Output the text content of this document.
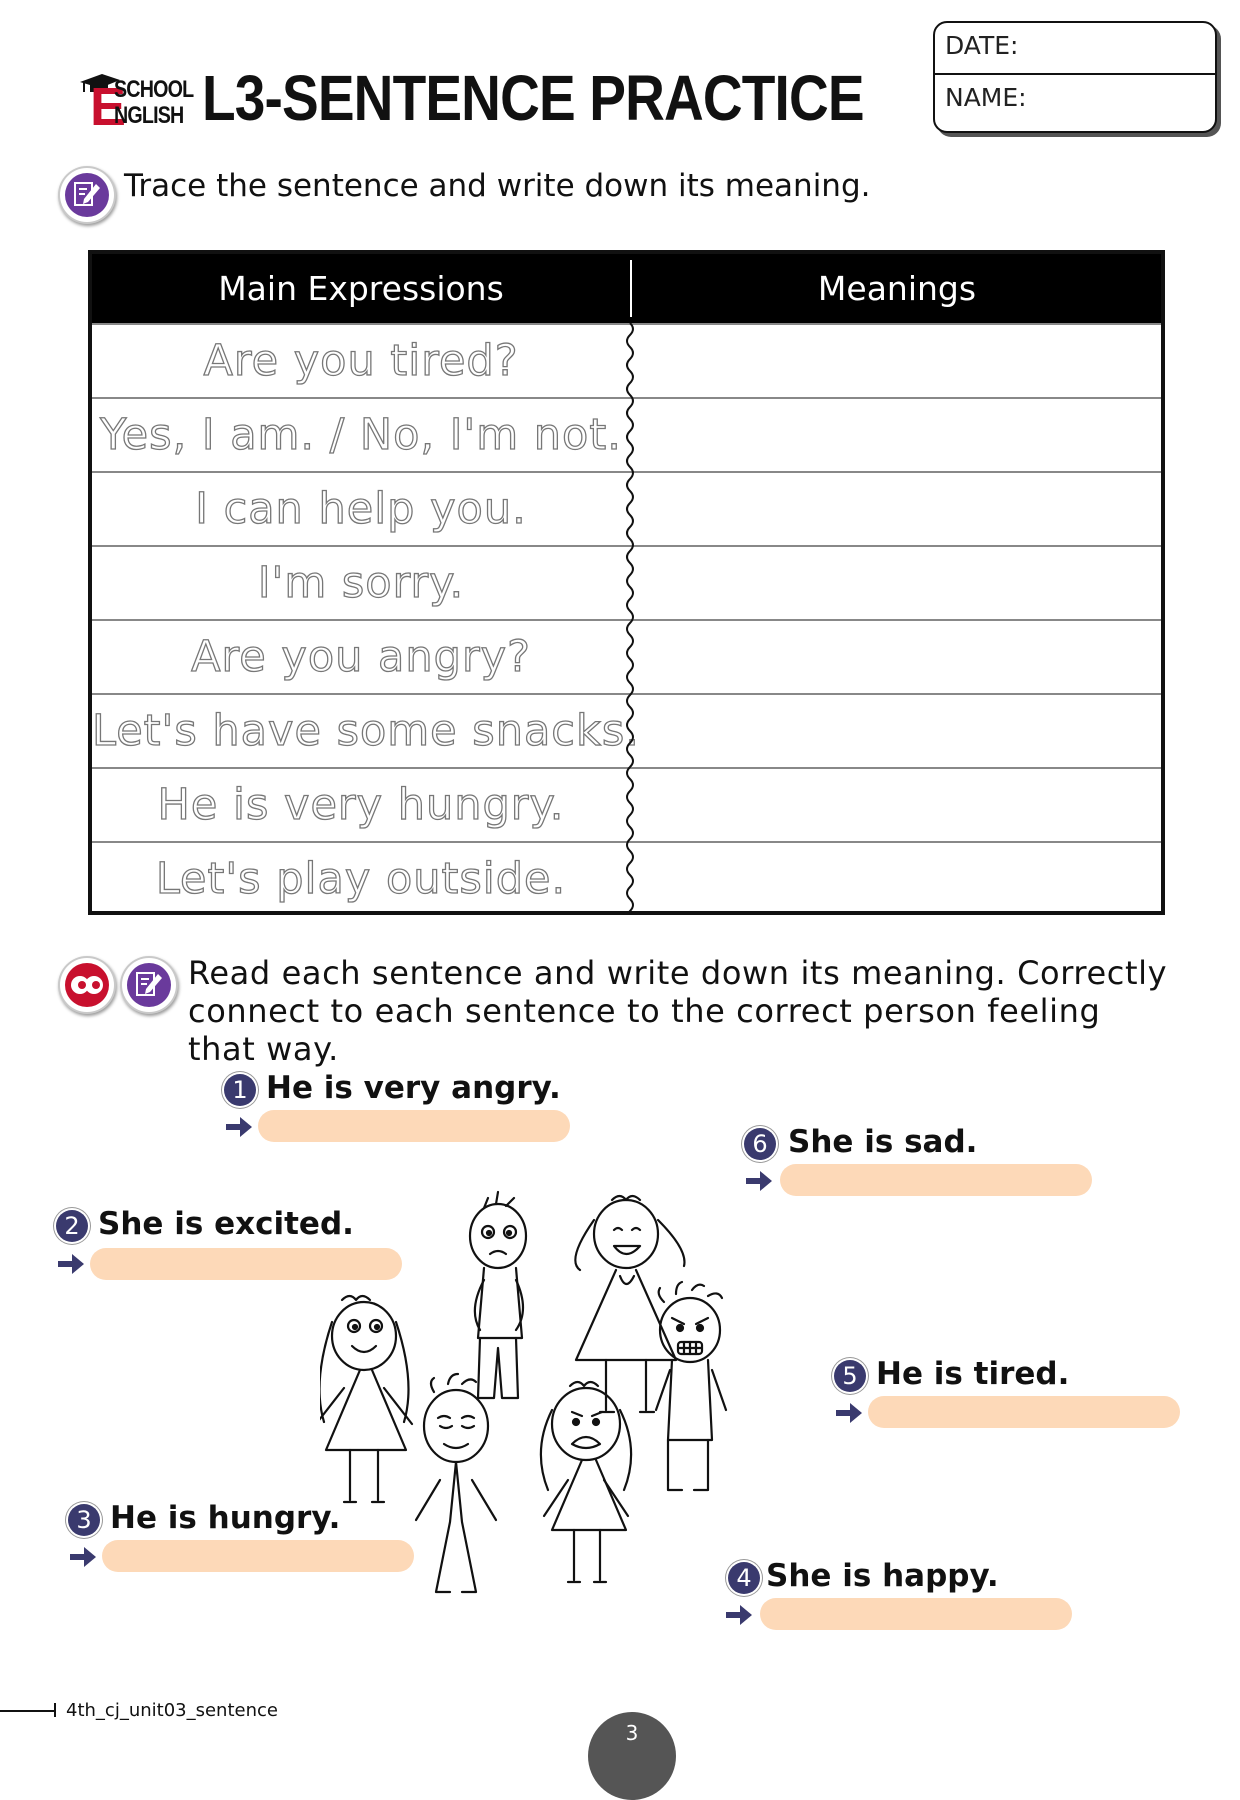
E
SCHOOL
NGLISH L3-SENTENCE PRACTICE
DATE:
NAME:
Trace the sentence and write down its meaning.
Main Expressions	Meanings
Are you tired?
Yes, I am. / No, I'm not.
I can help you.
I'm sorry.
Are you angry?
Let's have some snacks.
He is very hungry.
Let's play outside.
Read each sentence and write down its meaning. Correctly connect to each sentence to the correct person feeling that way.
1 He is very angry.
6 She is sad.
2 She is excited.
5 He is tired.
3 He is hungry.
4 She is happy.
4th_cj_unit03_sentence
3
